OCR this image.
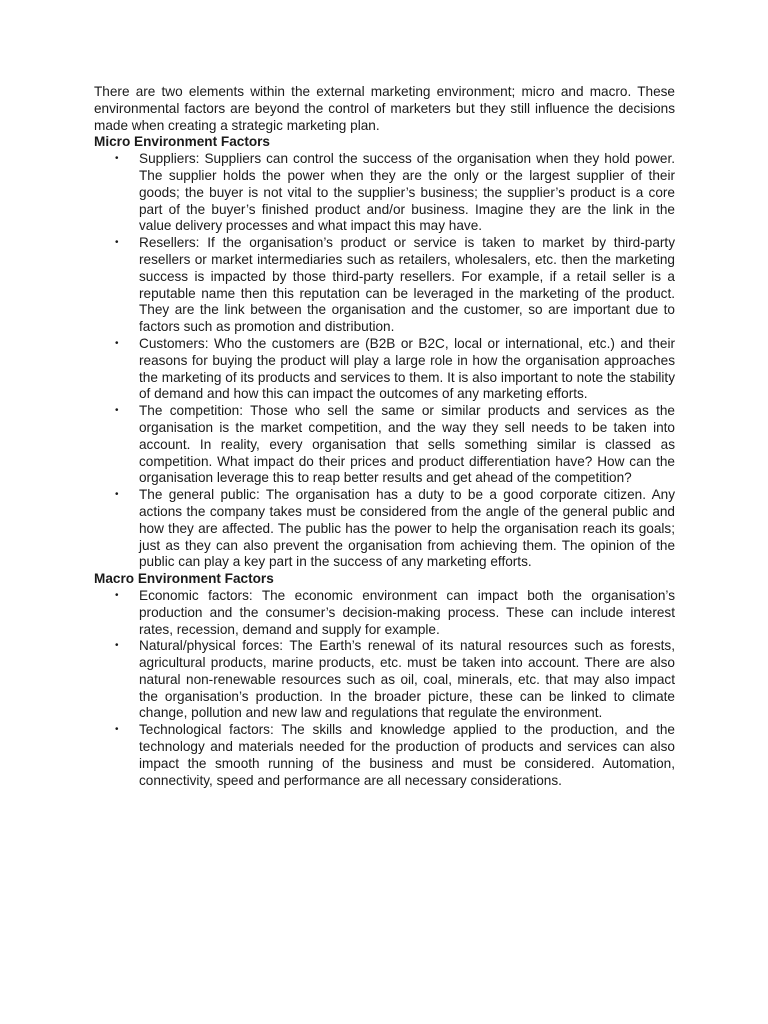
There are two elements within the external marketing environment; micro and macro. These environmental factors are beyond the control of marketers but they still influence the decisions made when creating a strategic marketing plan.

Micro Environment Factors

• Suppliers: Suppliers can control the success of the organisation when they hold power. The supplier holds the power when they are the only or the largest supplier of their goods; the buyer is not vital to the supplier’s business; the supplier’s product is a core part of the buyer’s finished product and/or business. Imagine they are the link in the value delivery processes and what impact this may have.
• Resellers: If the organisation’s product or service is taken to market by third-party resellers or market intermediaries such as retailers, wholesalers, etc. then the marketing success is impacted by those third-party resellers. For example, if a retail seller is a reputable name then this reputation can be leveraged in the marketing of the product. They are the link between the organisation and the customer, so are important due to factors such as promotion and distribution.
• Customers: Who the customers are (B2B or B2C, local or international, etc.) and their reasons for buying the product will play a large role in how the organisation approaches the marketing of its products and services to them. It is also important to note the stability of demand and how this can impact the outcomes of any marketing efforts.
• The competition: Those who sell the same or similar products and services as the organisation is the market competition, and the way they sell needs to be taken into account. In reality, every organisation that sells something similar is classed as competition. What impact do their prices and product differentiation have? How can the organisation leverage this to reap better results and get ahead of the competition?
• The general public: The organisation has a duty to be a good corporate citizen. Any actions the company takes must be considered from the angle of the general public and how they are affected. The public has the power to help the organisation reach its goals; just as they can also prevent the organisation from achieving them. The opinion of the public can play a key part in the success of any marketing efforts.

Macro Environment Factors

• Economic factors: The economic environment can impact both the organisation’s production and the consumer’s decision-making process. These can include interest rates, recession, demand and supply for example.
• Natural/physical forces: The Earth’s renewal of its natural resources such as forests, agricultural products, marine products, etc. must be taken into account. There are also natural non-renewable resources such as oil, coal, minerals, etc. that may also impact the organisation’s production. In the broader picture, these can be linked to climate change, pollution and new law and regulations that regulate the environment.
• Technological factors: The skills and knowledge applied to the production, and the technology and materials needed for the production of products and services can also impact the smooth running of the business and must be considered. Automation, connectivity, speed and performance are all necessary considerations.
